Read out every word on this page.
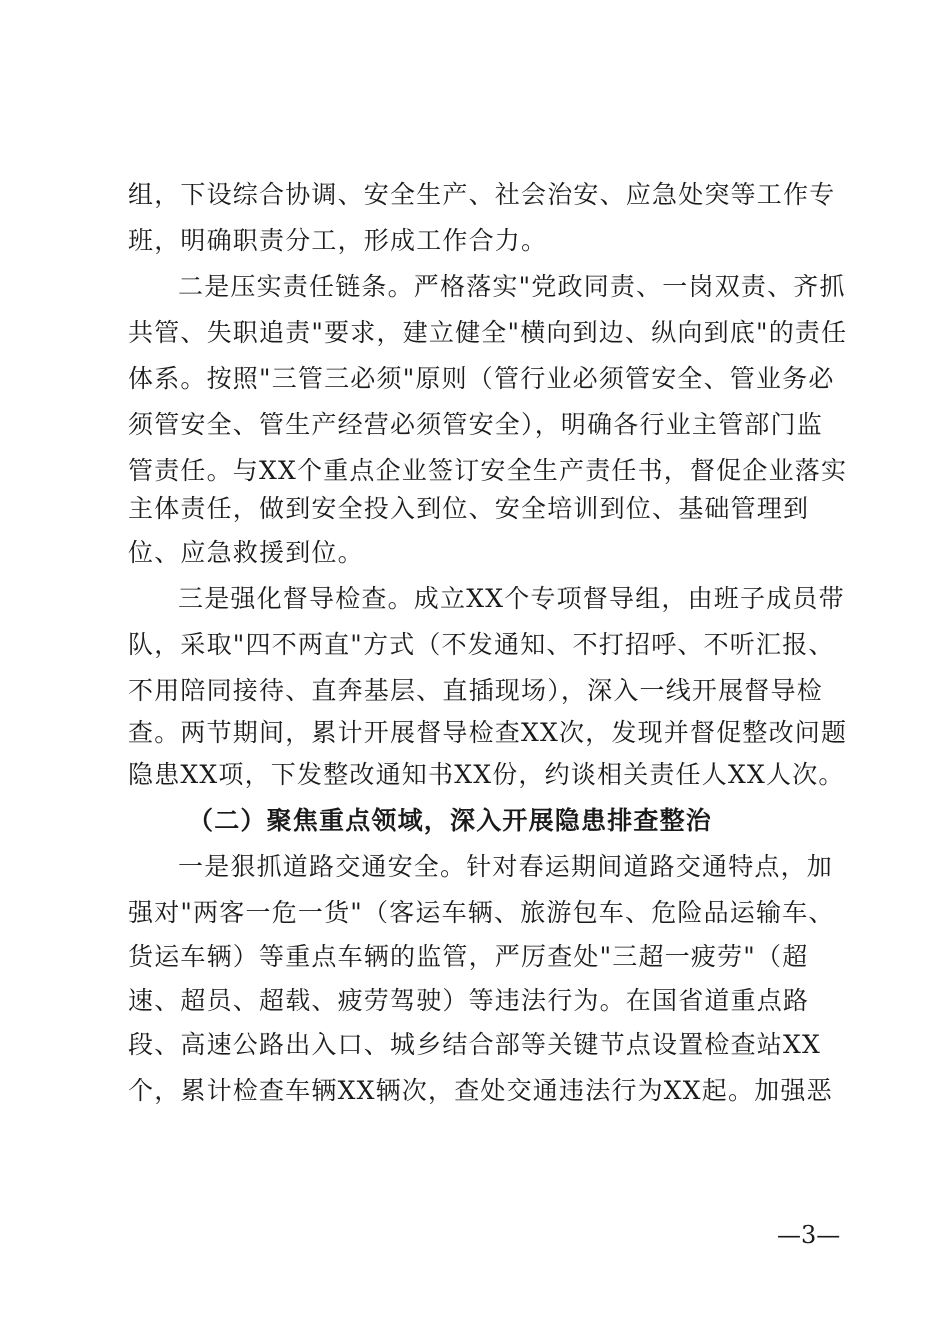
组，下设综合协调、安全生产、社会治安、应急处突等工作专
班，明确职责分工，形成工作合力。
二是压实责任链条。严格落实"党政同责、一岗双责、齐抓
共管、失职追责"要求，建立健全"横向到边、纵向到底"的责任
体系。按照"三管三必须"原则（管行业必须管安全、管业务必
须管安全、管生产经营必须管安全），明确各行业主管部门监
管责任。与XX个重点企业签订安全生产责任书，督促企业落实
主体责任，做到安全投入到位、安全培训到位、基础管理到
位、应急救援到位。
三是强化督导检查。成立XX个专项督导组，由班子成员带
队，采取"四不两直"方式（不发通知、不打招呼、不听汇报、
不用陪同接待、直奔基层、直插现场），深入一线开展督导检
查。两节期间，累计开展督导检查XX次，发现并督促整改问题
隐患XX项，下发整改通知书XX份，约谈相关责任人XX人次。
（二）聚焦重点领域，深入开展隐患排查整治
一是狠抓道路交通安全。针对春运期间道路交通特点，加
强对"两客一危一货"（客运车辆、旅游包车、危险品运输车、
货运车辆）等重点车辆的监管，严厉查处"三超一疲劳"（超
速、超员、超载、疲劳驾驶）等违法行为。在国省道重点路
段、高速公路出入口、城乡结合部等关键节点设置检查站XX
个，累计检查车辆XX辆次，查处交通违法行为XX起。加强恶
—3—
